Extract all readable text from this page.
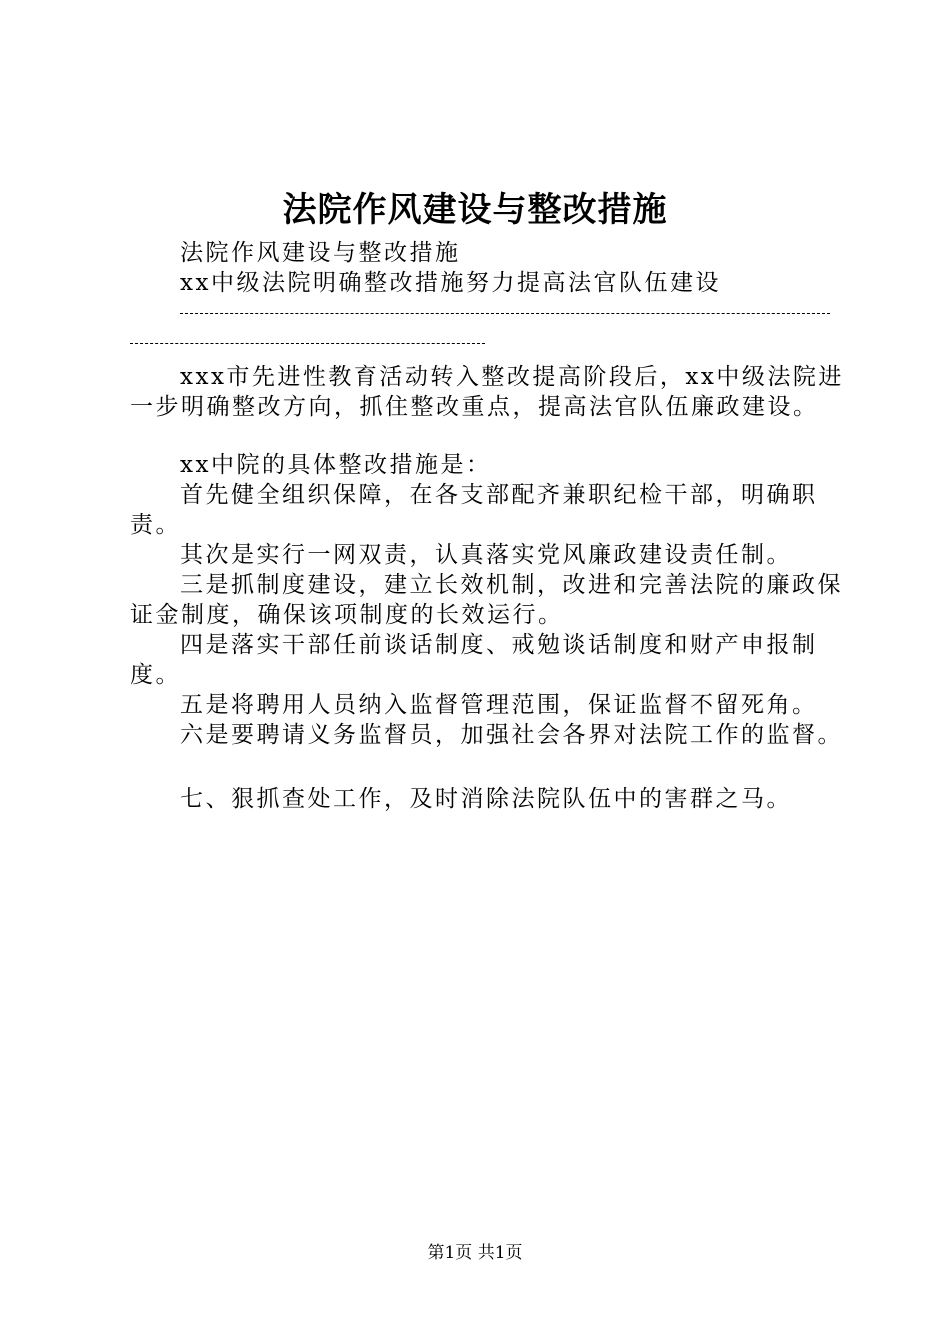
法院作风建设与整改措施

法院作风建设与整改措施

xx中级法院明确整改措施努力提高法官队伍建设

xxx市先进性教育活动转入整改提高阶段后，xx中级法院进一步明确整改方向，抓住整改重点，提高法官队伍廉政建设。

xx中院的具体整改措施是：

首先健全组织保障，在各支部配齐兼职纪检干部，明确职责。

其次是实行一网双责，认真落实党风廉政建设责任制。

三是抓制度建设，建立长效机制，改进和完善法院的廉政保证金制度，确保该项制度的长效运行。

四是落实干部任前谈话制度、戒勉谈话制度和财产申报制度。

五是将聘用人员纳入监督管理范围，保证监督不留死角。

六是要聘请义务监督员，加强社会各界对法院工作的监督。

七、狠抓查处工作，及时消除法院队伍中的害群之马。

第1页 共1页
